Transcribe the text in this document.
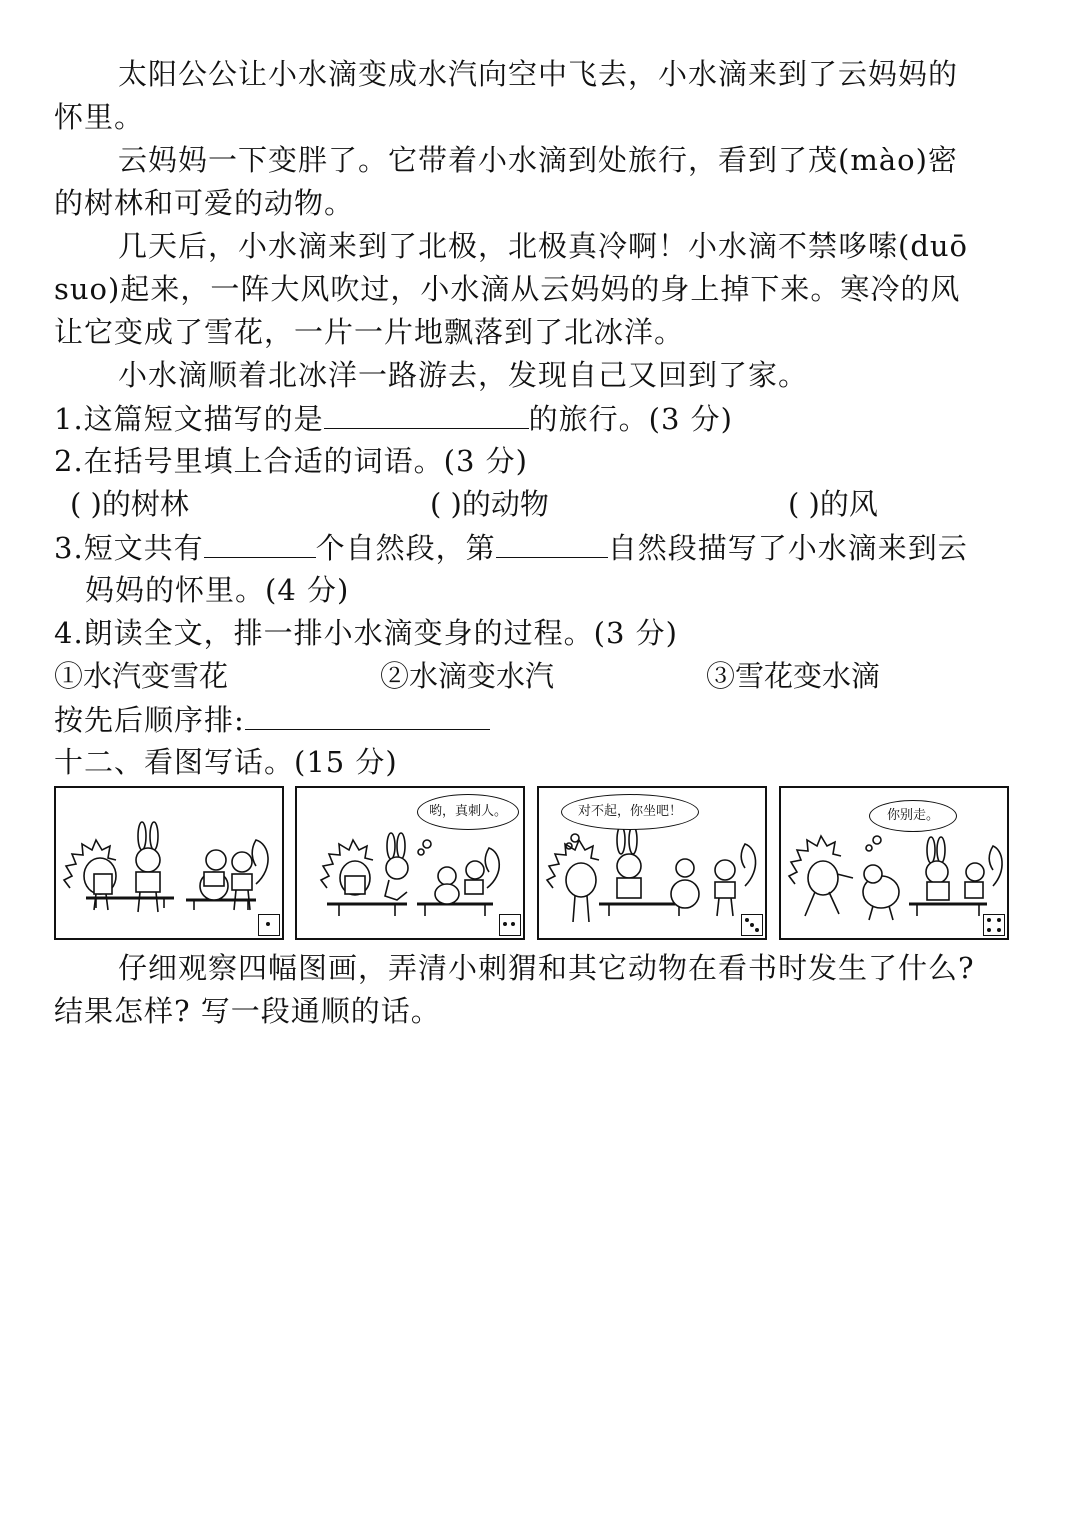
太阳公公让小水滴变成水汽向空中飞去，小水滴来到了云妈妈的
怀里。
云妈妈一下变胖了。它带着小水滴到处旅行，看到了茂(mào)密
的树林和可爱的动物。
几天后，小水滴来到了北极，北极真冷啊！小水滴不禁哆嗦(duō
suo)起来，一阵大风吹过，小水滴从云妈妈的身上掉下来。寒冷的风
让它变成了雪花，一片一片地飘落到了北冰洋。
小水滴顺着北冰洋一路游去，发现自己又回到了家。
1.这篇短文描写的是	的旅行。(3 分)
2.在括号里填上合适的词语。(3 分)
( )的树林	( )的动物	( )的风
3.短文共有	个自然段，第	自然段描写了小水滴来到云
妈妈的怀里。(4 分)
4.朗读全文，排一排小水滴变身的过程。(3 分)
①水汽变雪花	②水滴变水汽	③雪花变水滴
按先后顺序排:
十二、看图写话。(15 分)
哟，真刺人。	对不起，你坐吧！	你别走。
仔细观察四幅图画，弄清小刺猬和其它动物在看书时发生了什么?
结果怎样? 写一段通顺的话。
